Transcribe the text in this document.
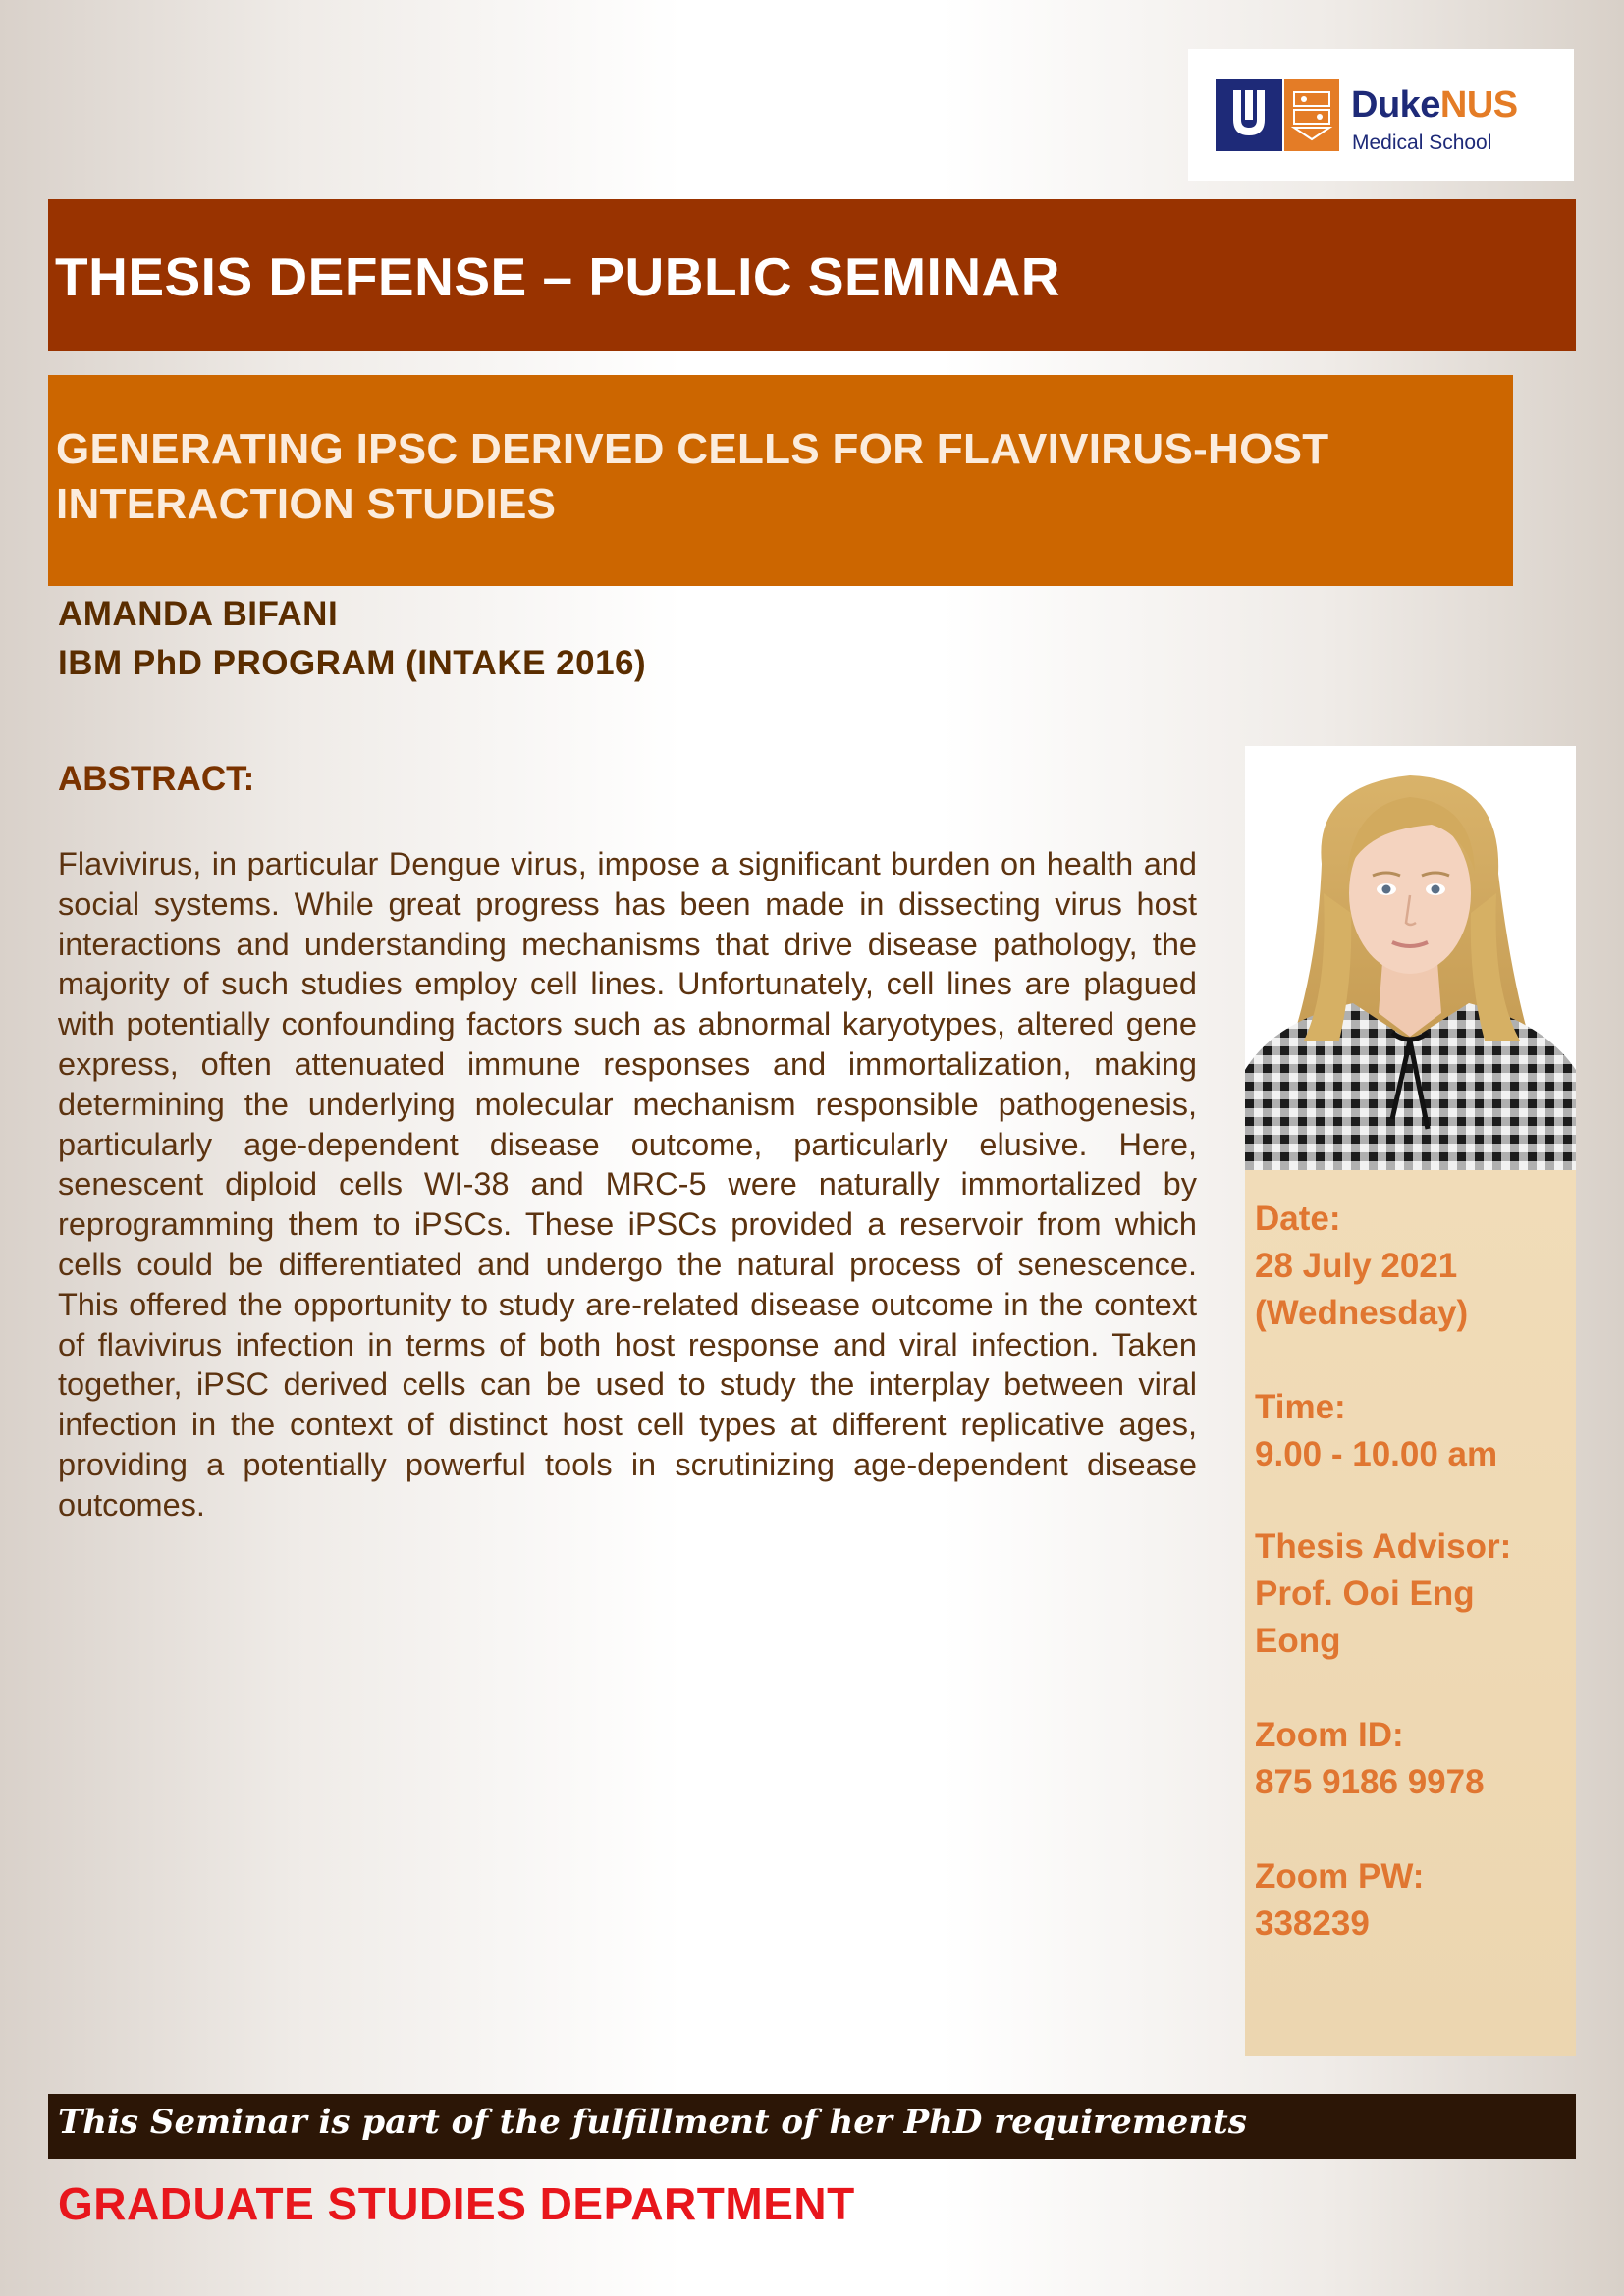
DukeNUS
Medical School
THESIS DEFENSE – PUBLIC SEMINAR
GENERATING IPSC DERIVED CELLS FOR FLAVIVIRUS-HOST INTERACTION STUDIES
AMANDA BIFANI
IBM PhD PROGRAM (INTAKE 2016)
ABSTRACT:
Flavivirus, in particular Dengue virus, impose a significant burden on health and social systems. While great progress has been made in dissecting virus host interactions and understanding mechanisms that drive disease pathology, the majority of such studies employ cell lines. Unfortunately, cell lines are plagued with potentially confounding factors such as abnormal karyotypes, altered gene express, often attenuated immune responses and immortalization, making determining the underlying molecular mechanism responsible pathogenesis, particularly age-dependent disease outcome, particularly elusive. Here, senescent diploid cells WI-38 and MRC-5 were naturally immortalized by reprogramming them to iPSCs. These iPSCs provided a reservoir from which cells could be differentiated and undergo the natural process of senescence. This offered the opportunity to study are-related disease outcome in the context of flavivirus infection in terms of both host response and viral infection. Taken together, iPSC derived cells can be used to study the interplay between viral infection in the context of distinct host cell types at different replicative ages, providing a potentially powerful tools in scrutinizing age-dependent disease outcomes.
Date:
28 July 2021
(Wednesday)
Time:
9.00 - 10.00 am
Thesis Advisor:
Prof. Ooi Eng
Eong
Zoom ID:
875 9186 9978
Zoom PW:
338239
This Seminar is part of the fulfillment of her PhD requirements
GRADUATE STUDIES DEPARTMENT
